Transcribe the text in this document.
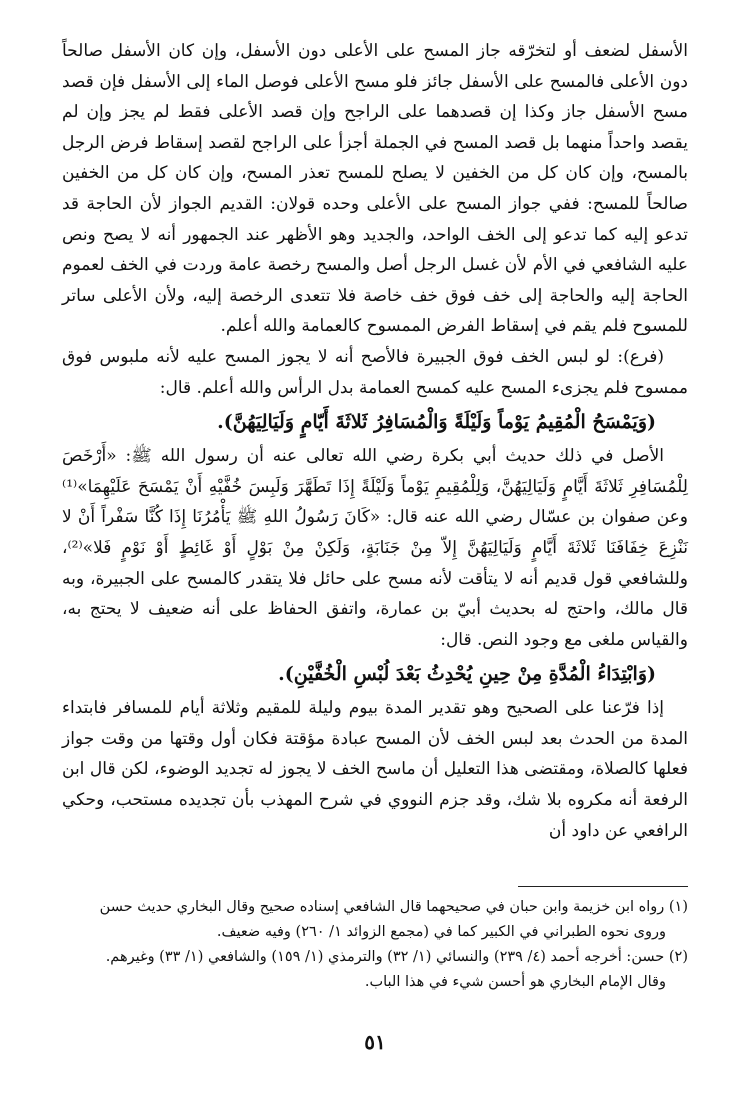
الأسفل لضعف أو لتخرّقه جاز المسح على الأعلى دون الأسفل، وإن كان الأسفل صالحاً دون الأعلى فالمسح على الأسفل جائز فلو مسح الأعلى فوصل الماء إلى الأسفل فإن قصد مسح الأسفل جاز وكذا إن قصدهما على الراجح وإن قصد الأعلى فقط لم يجز وإن لم يقصد واحداً منهما بل قصد المسح في الجملة أجزأ على الراجح لقصد إسقاط فرض الرجل بالمسح، وإن كان كل من الخفين لا يصلح للمسح تعذر المسح، وإن كان كل من الخفين صالحاً للمسح: ففي جواز المسح على الأعلى وحده قولان: القديم الجواز لأن الحاجة قد تدعو إليه كما تدعو إلى الخف الواحد، والجديد وهو الأظهر عند الجمهور أنه لا يصح ونص عليه الشافعي في الأم لأن غسل الرجل أصل والمسح رخصة عامة وردت في الخف لعموم الحاجة إليه والحاجة إلى خف فوق خف خاصة فلا تتعدى الرخصة إليه، ولأن الأعلى ساتر للمسوح فلم يقم في إسقاط الفرض الممسوح كالعمامة والله أعلم.

(فرع): لو لبس الخف فوق الجبيرة فالأصح أنه لا يجوز المسح عليه لأنه ملبوس فوق ممسوح فلم يجزىء المسح عليه كمسح العمامة بدل الرأس والله أعلم. قال:

(وَيَمْسَحُ الْمُقِيمُ يَوْماً وَلَيْلَةً وَالْمُسَافِرُ ثَلاثَةَ أَيّامٍ وَلَيَالِيَهُنَّ).

الأصل في ذلك حديث أبي بكرة رضي الله تعالى عنه أن رسول الله ﷺ: «أَرْخَصَ لِلْمُسَافِرِ ثَلاثَةَ أَيَّامٍ وَلَيَالِيَهُنَّ، وَلِلْمُقِيمِ يَوْماً وَلَيْلَةً إِذَا تَطَهَّرَ وَلَبِسَ خُفَّيْهِ أَنْ يَمْسَحَ عَلَيْهِمَا»⁽¹⁾ وعن صفوان بن عسّال رضي الله عنه قال: «كَانَ رَسُولُ اللهِ ﷺ يَأْمُرُنَا إِذَا كُنَّا سَفْراً أَنْ لا نَنْزِعَ خِفَافَنَا ثَلاثَةَ أَيَّامٍ وَلَيَالِيَهُنَّ إِلاّ مِنْ جَنَابَةٍ، وَلَكِنْ مِنْ بَوْلٍ أَوْ غَائِطٍ أَوْ نَوْمٍ فَلا»⁽²⁾، وللشافعي قول قديم أنه لا يتأقت لأنه مسح على حائل فلا يتقدر كالمسح على الجبيرة، وبه قال مالك، واحتج له بحديث أبيّ بن عمارة، واتفق الحفاظ على أنه ضعيف لا يحتج به، والقياس ملغى مع وجود النص. قال:

(وَابْتِدَاءُ الْمُدَّةِ مِنْ حِينِ يُحْدِثُ بَعْدَ لُبْسِ الْخُفَّيْنِ).

إذا فرّعنا على الصحيح وهو تقدير المدة بيوم وليلة للمقيم وثلاثة أيام للمسافر فابتداء المدة من الحدث بعد لبس الخف لأن المسح عبادة مؤقتة فكان أول وقتها من وقت جواز فعلها كالصلاة، ومقتضى هذا التعليل أن ماسح الخف لا يجوز له تجديد الوضوء، لكن قال ابن الرفعة أنه مكروه بلا شك، وقد جزم النووي في شرح المهذب بأن تجديده مستحب، وحكي الرافعي عن داود أن

(١) رواه ابن خزيمة وابن حبان في صحيحهما قال الشافعي إسناده صحيح وقال البخاري حديث حسن

وروى نحوه الطبراني في الكبير كما في (مجمع الزوائد ١/ ٢٦٠) وفيه ضعيف.

(٢) حسن: أخرجه أحمد (٤/ ٢٣٩) والنسائي (١/ ٣٢) والترمذي (١/ ١٥٩) والشافعي (١/ ٣٣) وغيرهم.

وقال الإمام البخاري هو أحسن شيء في هذا الباب.

٥١
